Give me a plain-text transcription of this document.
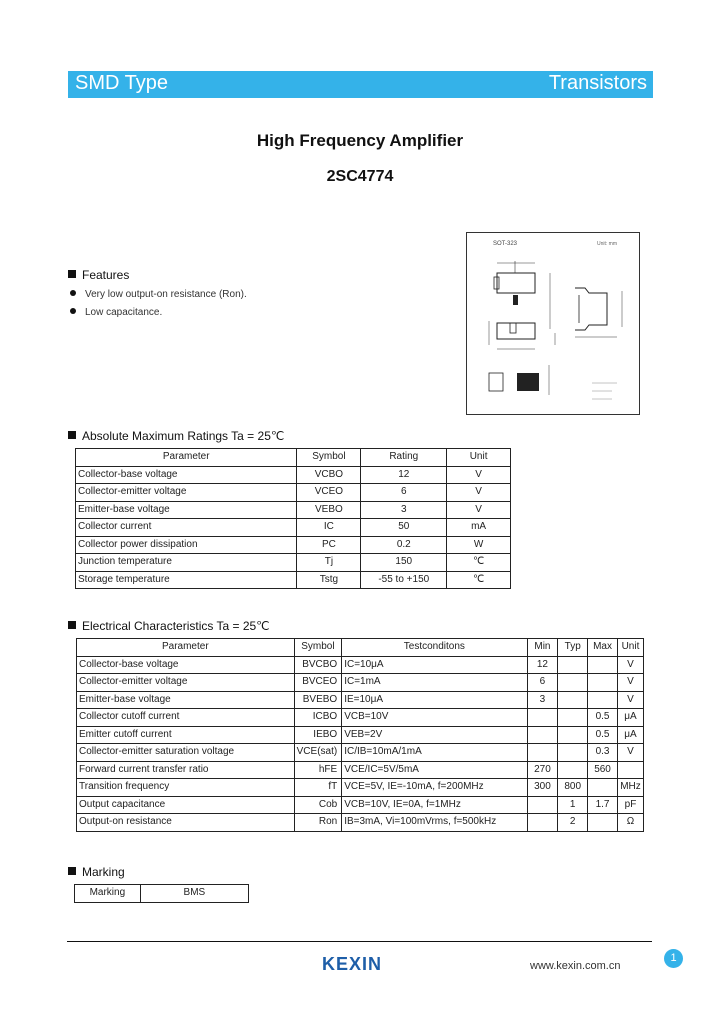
SMD Type	Transistors
High Frequency Amplifier
2SC4774
SOT-323	Unit: mm
Features
Very low output-on resistance (Ron).
Low capacitance.
Absolute Maximum Ratings Ta = 25℃
Parameter	Symbol	Rating	Unit
Collector-base voltage	VCBO	12	V
Collector-emitter voltage	VCEO	6	V
Emitter-base voltage	VEBO	3	V
Collector current	IC	50	mA
Collector power dissipation	PC	0.2	W
Junction temperature	Tj	150	℃
Storage temperature	Tstg	-55 to +150	℃
Electrical Characteristics Ta = 25℃
Parameter	Symbol	Testconditons	Min	Typ	Max	Unit
Collector-base voltage	BVCBO	IC=10μA	12			V
Collector-emitter voltage	BVCEO	IC=1mA	6			V
Emitter-base voltage	BVEBO	IE=10μA	3			V
Collector cutoff current	ICBO	VCB=10V			0.5	μA
Emitter cutoff current	IEBO	VEB=2V			0.5	μA
Collector-emitter saturation voltage	VCE(sat)	IC/IB=10mA/1mA			0.3	V
Forward current transfer ratio	hFE	VCE/IC=5V/5mA	270		560	
Transition frequency	fT	VCE=5V, IE=-10mA, f=200MHz	300	800		MHz
Output capacitance	Cob	VCB=10V, IE=0A, f=1MHz		1	1.7	pF
Output-on resistance	Ron	IB=3mA, Vi=100mVrms, f=500kHz		2		Ω
Marking
Marking	BMS
KEXIN	www.kexin.com.cn
1
